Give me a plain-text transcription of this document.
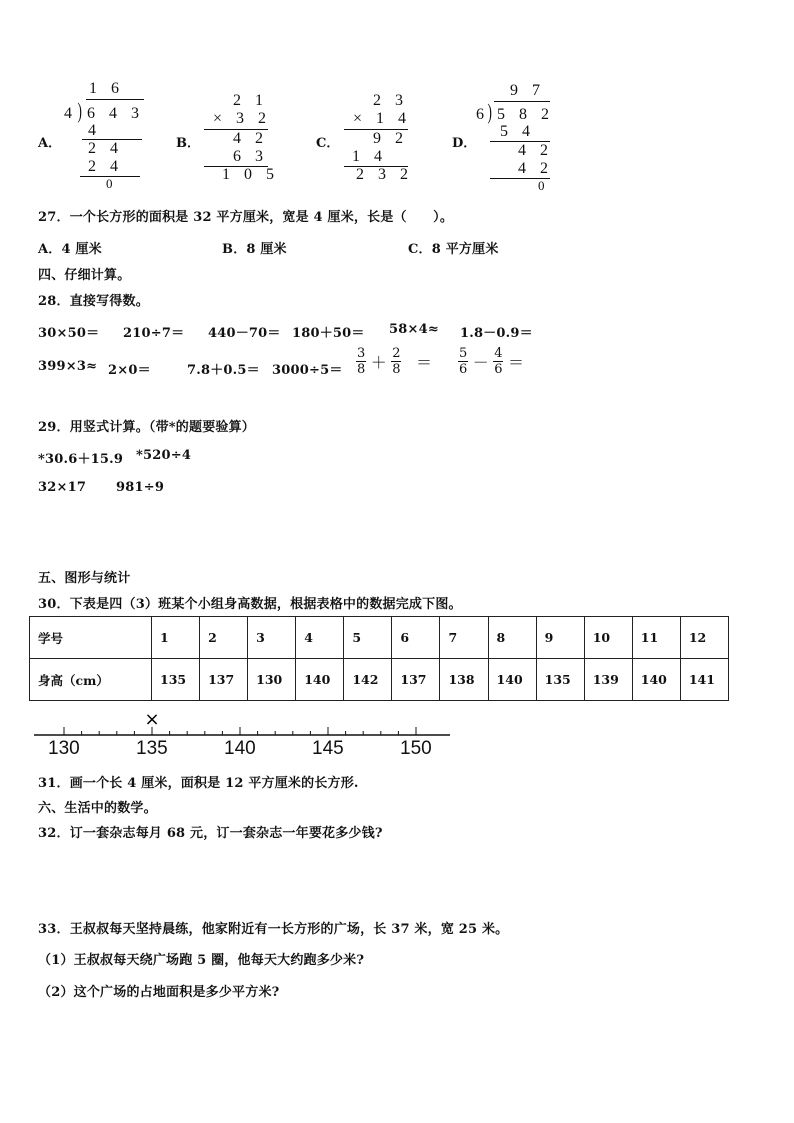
A．
1 6
4 ) 6 4 3
4
2 4
2 4
0
B．
2 1
× 3 2
4 2
6 3
1 0 5
C．
2 3
× 1 4
9 2
1 4
2 3 2
D．
9 7
6
) 5 8 2
5 4
4 2
4 2
0
27．一个长方形的面积是 32 平方厘米，宽是 4 厘米，长是（　　）。
A．4 厘米	B．8 厘米	C．8 平方厘米
四、仔细计算。
28．直接写得数。
30×50＝ 210÷7＝ 440－70＝ 180＋50＝ 58×4≈ 1.8－0.9＝
399×3≈ 2×0＝	$7.8+0.5= 3000\div 5= \frac{3}{8} + \frac{2}{8} = \frac{5}{6} - \frac{4}{6}$ ＝
29．用竖式计算。（带*的题要验算）
*30.6＋15.9 *520÷4
32×17 981÷9
五、图形与统计
30．下表是四（3）班某个小组身高数据，根据表格中的数据完成下图。
学号	1	2	3	4	5	6	7	8	9	10	11	12
身高（cm）	135	137	130	140	142	137	138	140	135	139	140	141
×
130	135	140	145	150
31．画一个长 4 厘米，面积是 12 平方厘米的长方形.
六、生活中的数学。
32．订一套杂志每月 68 元，订一套杂志一年要花多少钱?
33．王叔叔每天坚持晨练，他家附近有一长方形的广场，长 37 米，宽 25 米。
（1）王叔叔每天绕广场跑 5 圈，他每天大约跑多少米?
（2）这个广场的占地面积是多少平方米?
